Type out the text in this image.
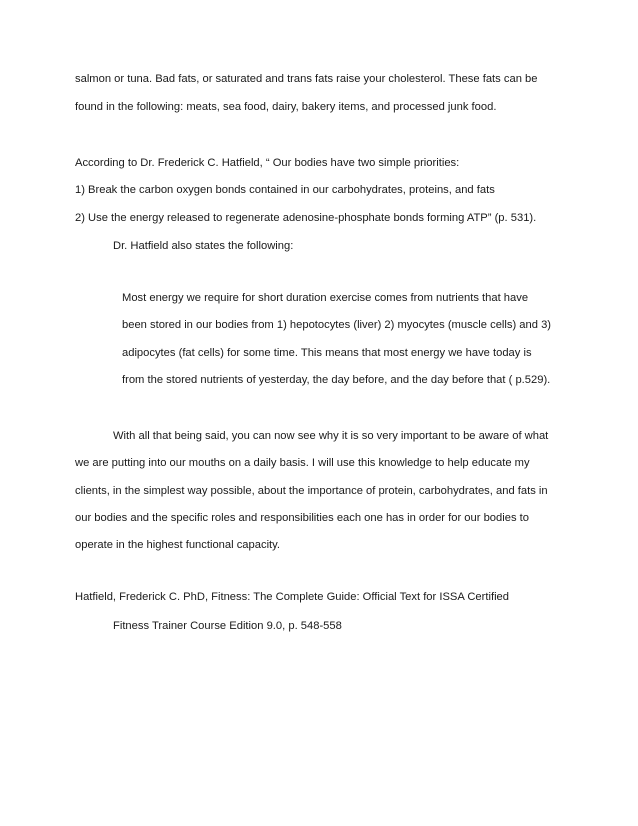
salmon or tuna. Bad fats, or saturated and trans fats raise your cholesterol. These fats can be
found in the following: meats, sea food, dairy, bakery items, and processed junk food.
According to Dr. Frederick C. Hatfield, “ Our bodies have two simple priorities:
1) Break the carbon oxygen bonds contained in our carbohydrates, proteins, and fats
2) Use the energy released to regenerate adenosine-phosphate bonds forming ATP” (p. 531).
Dr. Hatfield also states the following:
Most energy we require for short duration exercise comes from nutrients that have
been stored in our bodies from 1) hepotocytes (liver) 2) myocytes (muscle cells) and 3)
adipocytes (fat cells) for some time. This means that most energy we have today is
from the stored nutrients of yesterday, the day before, and the day before that ( p.529).
With all that being said, you can now see why it is so very important to be aware of what
we are putting into our mouths on a daily basis. I will use this knowledge to help educate my
clients, in the simplest way possible, about the importance of protein, carbohydrates, and fats in
our bodies and the specific roles and responsibilities each one has in order for our bodies to
operate in the highest functional capacity.
Hatfield, Frederick C. PhD, Fitness: The Complete Guide: Official Text for ISSA Certified
Fitness Trainer Course Edition 9.0, p. 548-558
